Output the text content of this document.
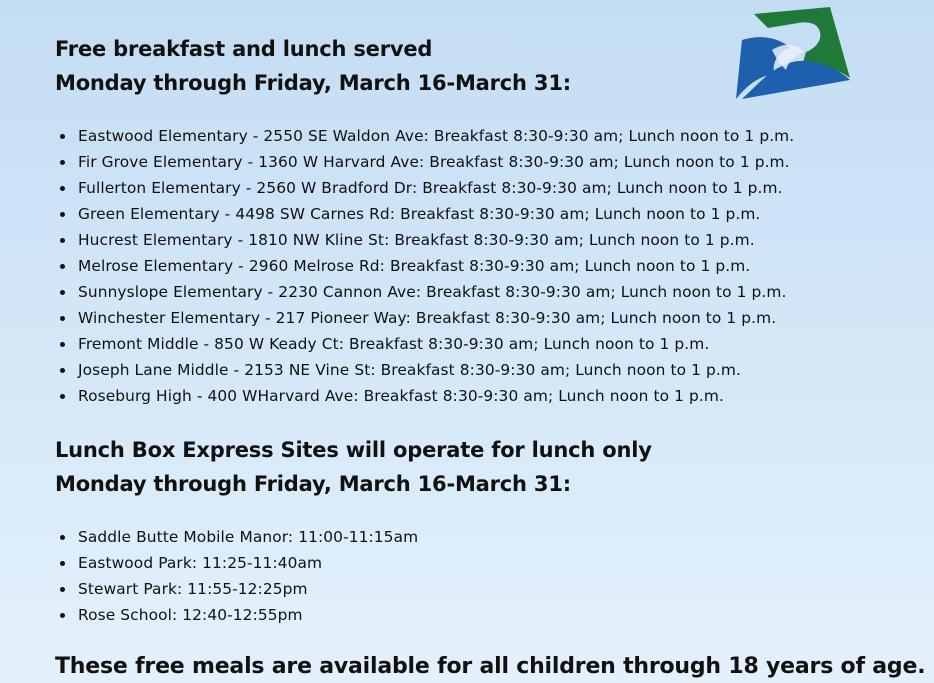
Free breakfast and lunch served
Monday through Friday, March 16-March 31:
Eastwood Elementary - 2550 SE Waldon Ave: Breakfast 8:30-9:30 am; Lunch noon to 1 p.m.
Fir Grove Elementary - 1360 W Harvard Ave: Breakfast 8:30-9:30 am; Lunch noon to 1 p.m.
Fullerton Elementary - 2560 W Bradford Dr: Breakfast 8:30-9:30 am; Lunch noon to 1 p.m.
Green Elementary - 4498 SW Carnes Rd: Breakfast 8:30-9:30 am; Lunch noon to 1 p.m.
Hucrest Elementary - 1810 NW Kline St: Breakfast 8:30-9:30 am; Lunch noon to 1 p.m.
Melrose Elementary - 2960 Melrose Rd: Breakfast 8:30-9:30 am; Lunch noon to 1 p.m.
Sunnyslope Elementary - 2230 Cannon Ave: Breakfast 8:30-9:30 am; Lunch noon to 1 p.m.
Winchester Elementary - 217 Pioneer Way: Breakfast 8:30-9:30 am; Lunch noon to 1 p.m.
Fremont Middle - 850 W Keady Ct: Breakfast 8:30-9:30 am; Lunch noon to 1 p.m.
Joseph Lane Middle - 2153 NE Vine St: Breakfast 8:30-9:30 am; Lunch noon to 1 p.m.
Roseburg High - 400 WHarvard Ave: Breakfast 8:30-9:30 am; Lunch noon to 1 p.m.
Lunch Box Express Sites will operate for lunch only
Monday through Friday, March 16-March 31:
Saddle Butte Mobile Manor: 11:00-11:15am
Eastwood Park: 11:25-11:40am
Stewart Park: 11:55-12:25pm
Rose School: 12:40-12:55pm

These free meals are available for all children through 18 years of age.
